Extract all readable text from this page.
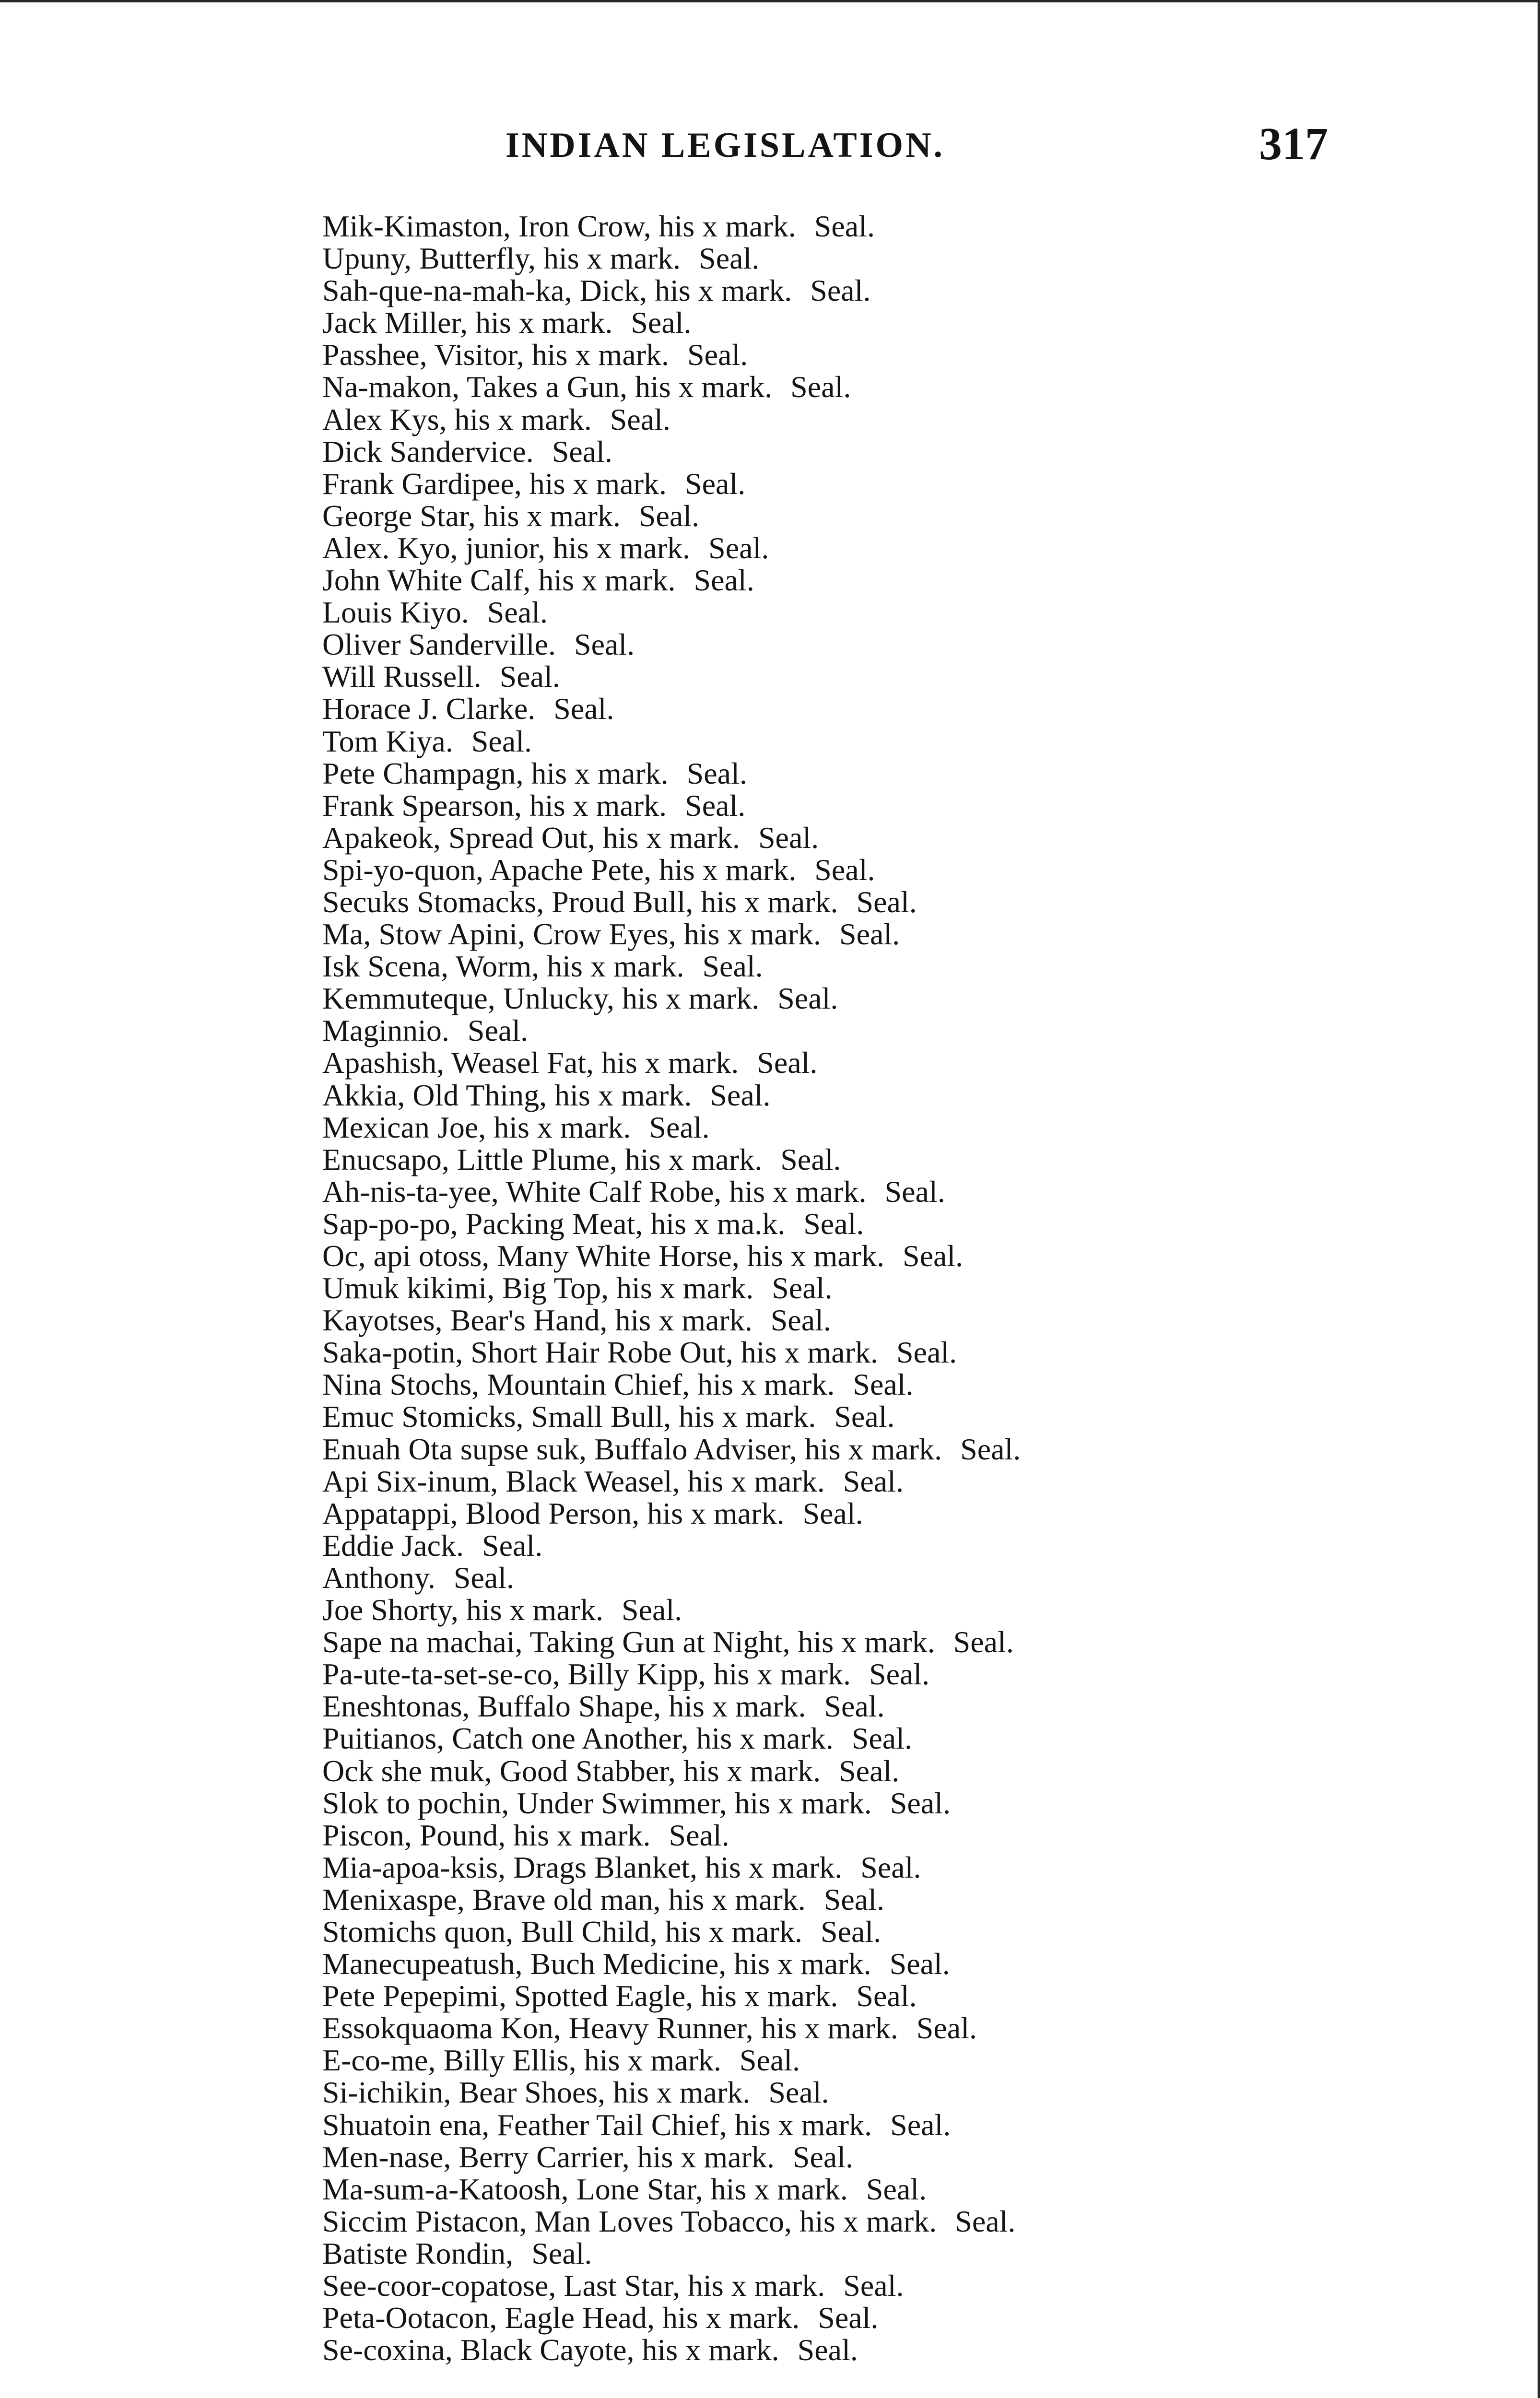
INDIAN LEGISLATION.	317
Mik-Kimaston, Iron Crow, his x mark. Seal.
Upuny, Butterfly, his x mark. Seal.
Sah-que-na-mah-ka, Dick, his x mark. Seal.
Jack Miller, his x mark. Seal.
Passhee, Visitor, his x mark. Seal.
Na-makon, Takes a Gun, his x mark. Seal.
Alex Kys, his x mark. Seal.
Dick Sandervice. Seal.
Frank Gardipee, his x mark. Seal.
George Star, his x mark. Seal.
Alex. Kyo, junior, his x mark. Seal.
John White Calf, his x mark. Seal.
Louis Kiyo. Seal.
Oliver Sanderville. Seal.
Will Russell. Seal.
Horace J. Clarke. Seal.
Tom Kiya. Seal.
Pete Champagn, his x mark. Seal.
Frank Spearson, his x mark. Seal.
Apakeok, Spread Out, his x mark. Seal.
Spi-yo-quon, Apache Pete, his x mark. Seal.
Secuks Stomacks, Proud Bull, his x mark. Seal.
Ma, Stow Apini, Crow Eyes, his x mark. Seal.
Isk Scena, Worm, his x mark. Seal.
Kemmuteque, Unlucky, his x mark. Seal.
Maginnio. Seal.
Apashish, Weasel Fat, his x mark. Seal.
Akkia, Old Thing, his x mark. Seal.
Mexican Joe, his x mark. Seal.
Enucsapo, Little Plume, his x mark. Seal.
Ah-nis-ta-yee, White Calf Robe, his x mark. Seal.
Sap-po-po, Packing Meat, his x ma.k. Seal.
Oc, api otoss, Many White Horse, his x mark. Seal.
Umuk kikimi, Big Top, his x mark. Seal.
Kayotses, Bear's Hand, his x mark. Seal.
Saka-potin, Short Hair Robe Out, his x mark. Seal.
Nina Stochs, Mountain Chief, his x mark. Seal.
Emuc Stomicks, Small Bull, his x mark. Seal.
Enuah Ota supse suk, Buffalo Adviser, his x mark. Seal.
Api Six-inum, Black Weasel, his x mark. Seal.
Appatappi, Blood Person, his x mark. Seal.
Eddie Jack. Seal.
Anthony. Seal.
Joe Shorty, his x mark. Seal.
Sape na machai, Taking Gun at Night, his x mark. Seal.
Pa-ute-ta-set-se-co, Billy Kipp, his x mark. Seal.
Eneshtonas, Buffalo Shape, his x mark. Seal.
Puitianos, Catch one Another, his x mark. Seal.
Ock she muk, Good Stabber, his x mark. Seal.
Slok to pochin, Under Swimmer, his x mark. Seal.
Piscon, Pound, his x mark. Seal.
Mia-apoa-ksis, Drags Blanket, his x mark. Seal.
Menixaspe, Brave old man, his x mark. Seal.
Stomichs quon, Bull Child, his x mark. Seal.
Manecupeatush, Buch Medicine, his x mark. Seal.
Pete Pepepimi, Spotted Eagle, his x mark. Seal.
Essokquaoma Kon, Heavy Runner, his x mark. Seal.
E-co-me, Billy Ellis, his x mark. Seal.
Si-ichikin, Bear Shoes, his x mark. Seal.
Shuatoin ena, Feather Tail Chief, his x mark. Seal.
Men-nase, Berry Carrier, his x mark. Seal.
Ma-sum-a-Katoosh, Lone Star, his x mark. Seal.
Siccim Pistacon, Man Loves Tobacco, his x mark. Seal.
Batiste Rondin, Seal.
See-coor-copatose, Last Star, his x mark. Seal.
Peta-Ootacon, Eagle Head, his x mark. Seal.
Se-coxina, Black Cayote, his x mark. Seal.
